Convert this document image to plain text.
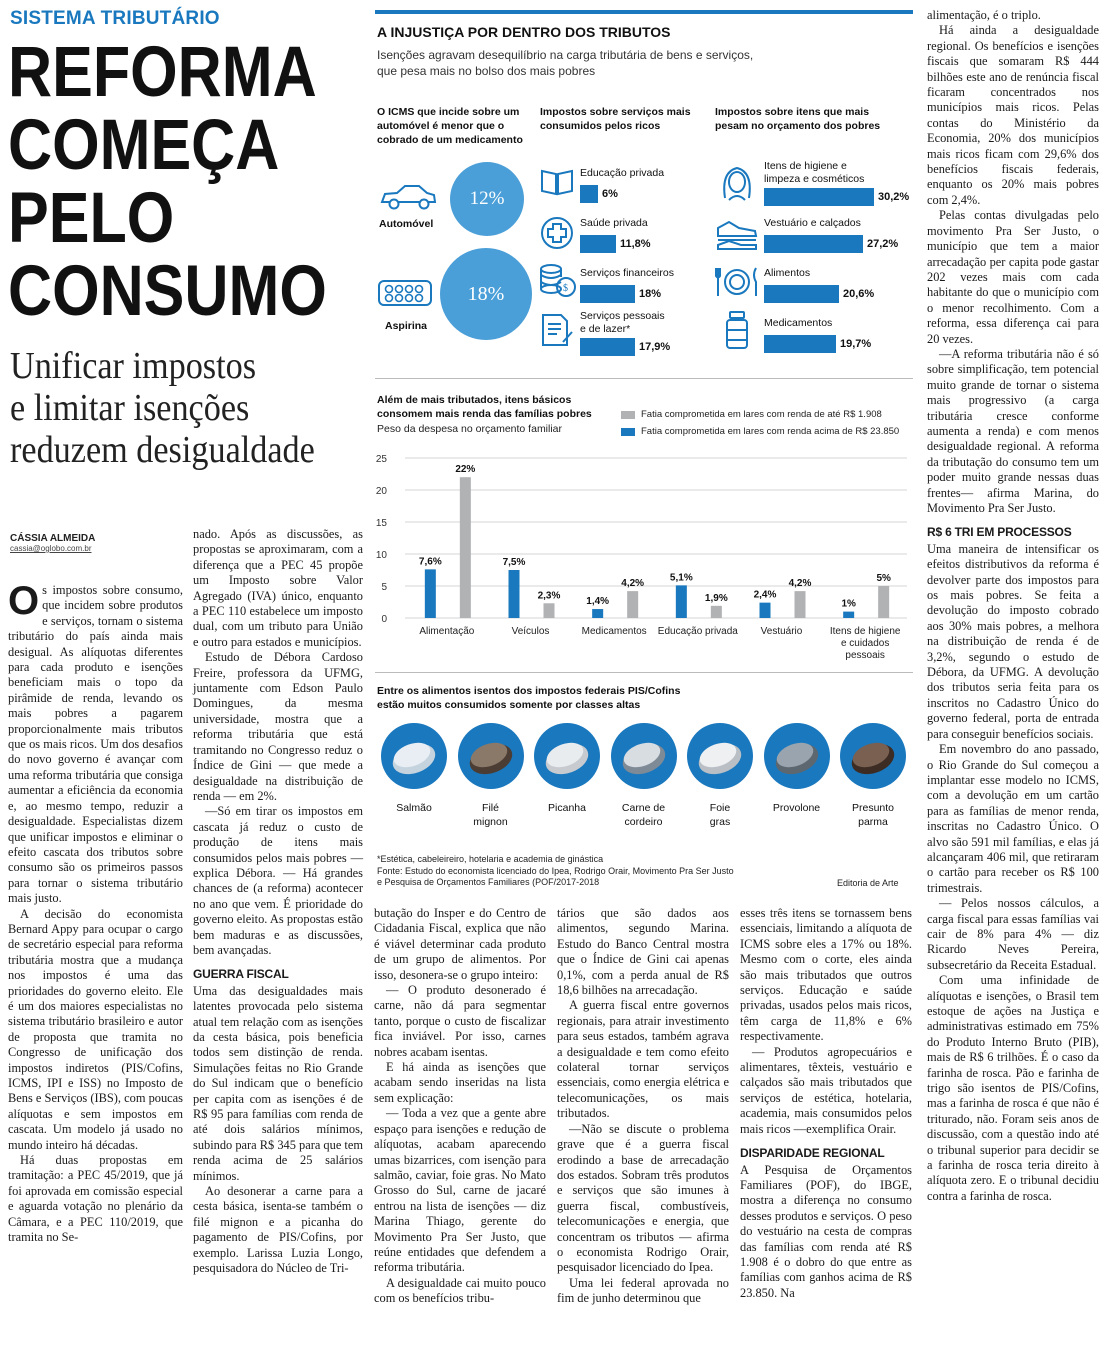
SISTEMA TRIBUTÁRIO
REFORMA
COMEÇA
PELO
CONSUMO
Unificar impostos
e limitar isenções
reduzem desigualdade
CÁSSIA ALMEIDA
cassia@oglobo.com.br
A INJUSTIÇA POR DENTRO DOS TRIBUTOS
Isenções agravam desequilíbrio na carga tributária de bens e serviços,
que pesa mais no bolso dos mais pobres
O ICMS que incide sobre um
automóvel é menor que o
cobrado de um medicamento
Automóvel
12%
Aspirina
18%
Impostos sobre serviços mais
consumidos pelos ricos
$
Educação privada
6%
Saúde privada
11,8%
Serviços financeiros
18%
Serviços pessoais
e de lazer*
17,9%
Impostos sobre itens que mais
pesam no orçamento dos pobres
Itens de higiene e
limpeza e cosméticos
30,2%
Vestuário e calçados
27,2%
Alimentos
20,6%
Medicamentos
19,7%
Além de mais tributados, itens básicos
consomem mais renda das famílias pobres
Peso da despesa no orçamento familiar
Fatia comprometida em lares com renda de até R$ 1.908
Fatia comprometida em lares com renda acima de R$ 23.850
0
5
10
15
20
25
7,6%
22%
Alimentação
7,5%
2,3%
Veículos
1,4%
4,2%
Medicamentos
5,1%
1,9%
Educação privada
2,4%
4,2%
Vestuário
1%
5%
Itens de higiene
e cuidados
pessoais
Entre os alimentos isentos dos impostos federais PIS/Cofins
estão muitos consumidos somente por classes altas
Salmão	Filé
mignon
Picanha	Carne de
cordeiro
Foie
gras
Provolone	Presunto
parma
*Estética, cabeleireiro, hotelaria e academia de ginástica
Fonte: Estudo do economista licenciado do Ipea, Rodrigo Orair, Movimento Pra Ser Justo
e Pesquisa de Orçamentos Familiares (POF/2017-2018	Editoria de Arte

Os impostos sobre consumo, que incidem sobre produtos e serviços, tornam o sistema tributário do país ainda mais desigual. As alíquotas diferentes para cada produto e isenções beneficiam mais o topo da pirâmide de renda, levando os mais pobres a pagarem proporcionalmente mais tributos que os mais ricos. Um dos desafios do novo governo é avançar com uma reforma tributária que consiga aumentar a eficiência da economia e, ao mesmo tempo, reduzir a desigualdade. Especialistas dizem que unificar impostos e eliminar o efeito cascata dos tributos sobre consumo são os primeiros passos para tornar o sistema tributário mais justo.

A decisão do economista Bernard Appy para ocupar o cargo de secretário especial para reforma tributária mostra que a mudança nos impostos é uma das prioridades do governo eleito. Ele é um dos maiores especialistas no sistema tributário brasileiro e autor de proposta que tramita no Congresso de unificação dos impostos indiretos (PIS/Cofins, ICMS, IPI e ISS) no Imposto de Bens e Serviços (IBS), com poucas alíquotas e sem impostos em cascata. Um modelo já usado no mundo inteiro há décadas.

Há duas propostas em tramitação: a PEC 45/2019, que já foi aprovada em comissão especial e aguarda votação no plenário da Câmara, e a PEC 110/2019, que tramita no Se-

nado. Após as discussões, as propostas se aproximaram, com a diferença que a PEC 45 propõe um Imposto sobre Valor Agregado (IVA) único, enquanto a PEC 110 estabelece um imposto dual, com um tributo para União e outro para estados e municípios.

Estudo de Débora Cardoso Freire, professora da UFMG, juntamente com Edson Paulo Domingues, da mesma universidade, mostra que a reforma tributária que está tramitando no Congresso reduz o Índice de Gini — que mede a desigualdade na distribuição de renda — em 2%.

—Só em tirar os impostos em cascata já reduz o custo de produção de itens mais consumidos pelos mais pobres —explica Débora. — Há grandes chances de (a reforma) acontecer no ano que vem. É prioridade do governo eleito. As propostas estão bem maduras e as discussões, bem avançadas.

GUERRA FISCAL

Uma das desigualdades mais latentes provocada pelo sistema atual tem relação com as isenções da cesta básica, pois beneficia todos sem distinção de renda. Simulações feitas no Rio Grande do Sul indicam que o benefício per capita com as isenções é de R$ 95 para famílias com renda de até dois salários mínimos, subindo para R$ 345 para que tem renda acima de 25 salários mínimos.

Ao desonerar a carne para a cesta básica, isenta-se também o filé mignon e a picanha do pagamento de PIS/Cofins, por exemplo. Larissa Luzia Longo, pesquisadora do Núcleo de Tri-

butação do Insper e do Centro de Cidadania Fiscal, explica que não é viável determinar cada produto de um grupo de alimentos. Por isso, desonera-se o grupo inteiro:

— O produto desonerado é carne, não dá para segmentar tanto, porque o custo de fiscalizar fica inviável. Por isso, carnes nobres acabam isentas.

E há ainda as isenções que acabam sendo inseridas na lista sem explicação:

— Toda a vez que a gente abre espaço para isenções e redução de alíquotas, acabam aparecendo umas bizarrices, com isenção para salmão, caviar, foie gras. No Mato Grosso do Sul, carne de jacaré entrou na lista de isenções — diz Marina Thiago, gerente do Movimento Pra Ser Justo, que reúne entidades que defendem a reforma tributária.

A desigualdade cai muito pouco com os benefícios tribu-

tários que são dados aos alimentos, segundo Marina. Estudo do Banco Central mostra que o Índice de Gini cai apenas 0,1%, com a perda anual de R$ 18,6 bilhões na arrecadação.

A guerra fiscal entre governos regionais, para atrair investimento para seus estados, também agrava a desigualdade e tem como efeito colateral tornar serviços essenciais, como energia elétrica e telecomunicações, os mais tributados.

—Não se discute o problema grave que é a guerra fiscal erodindo a base de arrecadação dos estados. Sobram três produtos e serviços que são imunes à guerra fiscal, combustíveis, telecomunicações e energia, que concentram os tributos — afirma o economista Rodrigo Orair, pesquisador licenciado do Ipea.

Uma lei federal aprovada no fim de junho determinou que

esses três itens se tornassem bens essenciais, limitando a alíquota de ICMS sobre eles a 17% ou 18%. Mesmo com o corte, eles ainda são mais tributados que outros serviços. Educação e saúde privadas, usados pelos mais ricos, têm carga de 11,8% e 6% respectivamente.

— Produtos agropecuários e alimentares, têxteis, vestuário e calçados são mais tributados que serviços de estética, hotelaria, academia, mais consumidos pelos mais ricos —exemplifica Orair.

DISPARIDADE REGIONAL

A Pesquisa de Orçamentos Familiares (POF), do IBGE, mostra a diferença no consumo desses produtos e serviços. O peso do vestuário na cesta de compras das famílias com renda até R$ 1.908 é o dobro do que entre as famílias com ganhos acima de R$ 23.850. Na

alimentação, é o triplo.

Há ainda a desigualdade regional. Os benefícios e isenções fiscais que somaram R$ 444 bilhões este ano de renúncia fiscal ficaram concentrados nos municípios mais ricos. Pelas contas do Ministério da Economia, 20% dos municípios mais ricos ficam com 29,6% dos benefícios fiscais federais, enquanto os 20% mais pobres com 2,4%.

Pelas contas divulgadas pelo movimento Pra Ser Justo, o município que tem a maior arrecadação per capita pode gastar 202 vezes mais com cada habitante do que o município com o menor recolhimento. Com a reforma, essa diferença cai para 20 vezes.

—A reforma tributária não é só sobre simplificação, tem potencial muito grande de tornar o sistema mais progressivo (a carga tributária cresce conforme aumenta a renda) e com menos desigualdade regional. A reforma da tributação do consumo tem um poder muito grande nessas duas frentes— afirma Marina, do Movimento Pra Ser Justo.

R$ 6 TRI EM PROCESSOS

Uma maneira de intensificar os efeitos distributivos da reforma é devolver parte dos impostos para os mais pobres. Se feita a devolução do imposto cobrado aos 30% mais pobres, a melhora na distribuição de renda é de 3,2%, segundo o estudo de Débora, da UFMG. A devolução dos tributos seria feita para os inscritos no Cadastro Único do governo federal, porta de entrada para conseguir benefícios sociais.

Em novembro do ano passado, o Rio Grande do Sul começou a implantar esse modelo no ICMS, com a devolução em um cartão para as famílias de menor renda, inscritas no Cadastro Único. O alvo são 591 mil famílias, e elas já alcançaram 406 mil, que retiraram o cartão para receber os R$ 100 trimestrais.

— Pelos nossos cálculos, a carga fiscal para essas famílias vai cair de 8% para 4% — diz Ricardo Neves Pereira, subsecretário da Receita Estadual.

Com uma infinidade de alíquotas e isenções, o Brasil tem estoque de ações na Justiça e administrativas estimado em 75% do Produto Interno Bruto (PIB), mais de R$ 6 trilhões. É o caso da farinha de rosca. Pão e farinha de trigo são isentos de PIS/Cofins, mas a farinha de rosca é que não é triturado, não. Foram seis anos de discussão, com a questão indo até o tribunal superior para decidir se a farinha de rosca teria direito à alíquota zero. E o tribunal decidiu contra a farinha de rosca.
